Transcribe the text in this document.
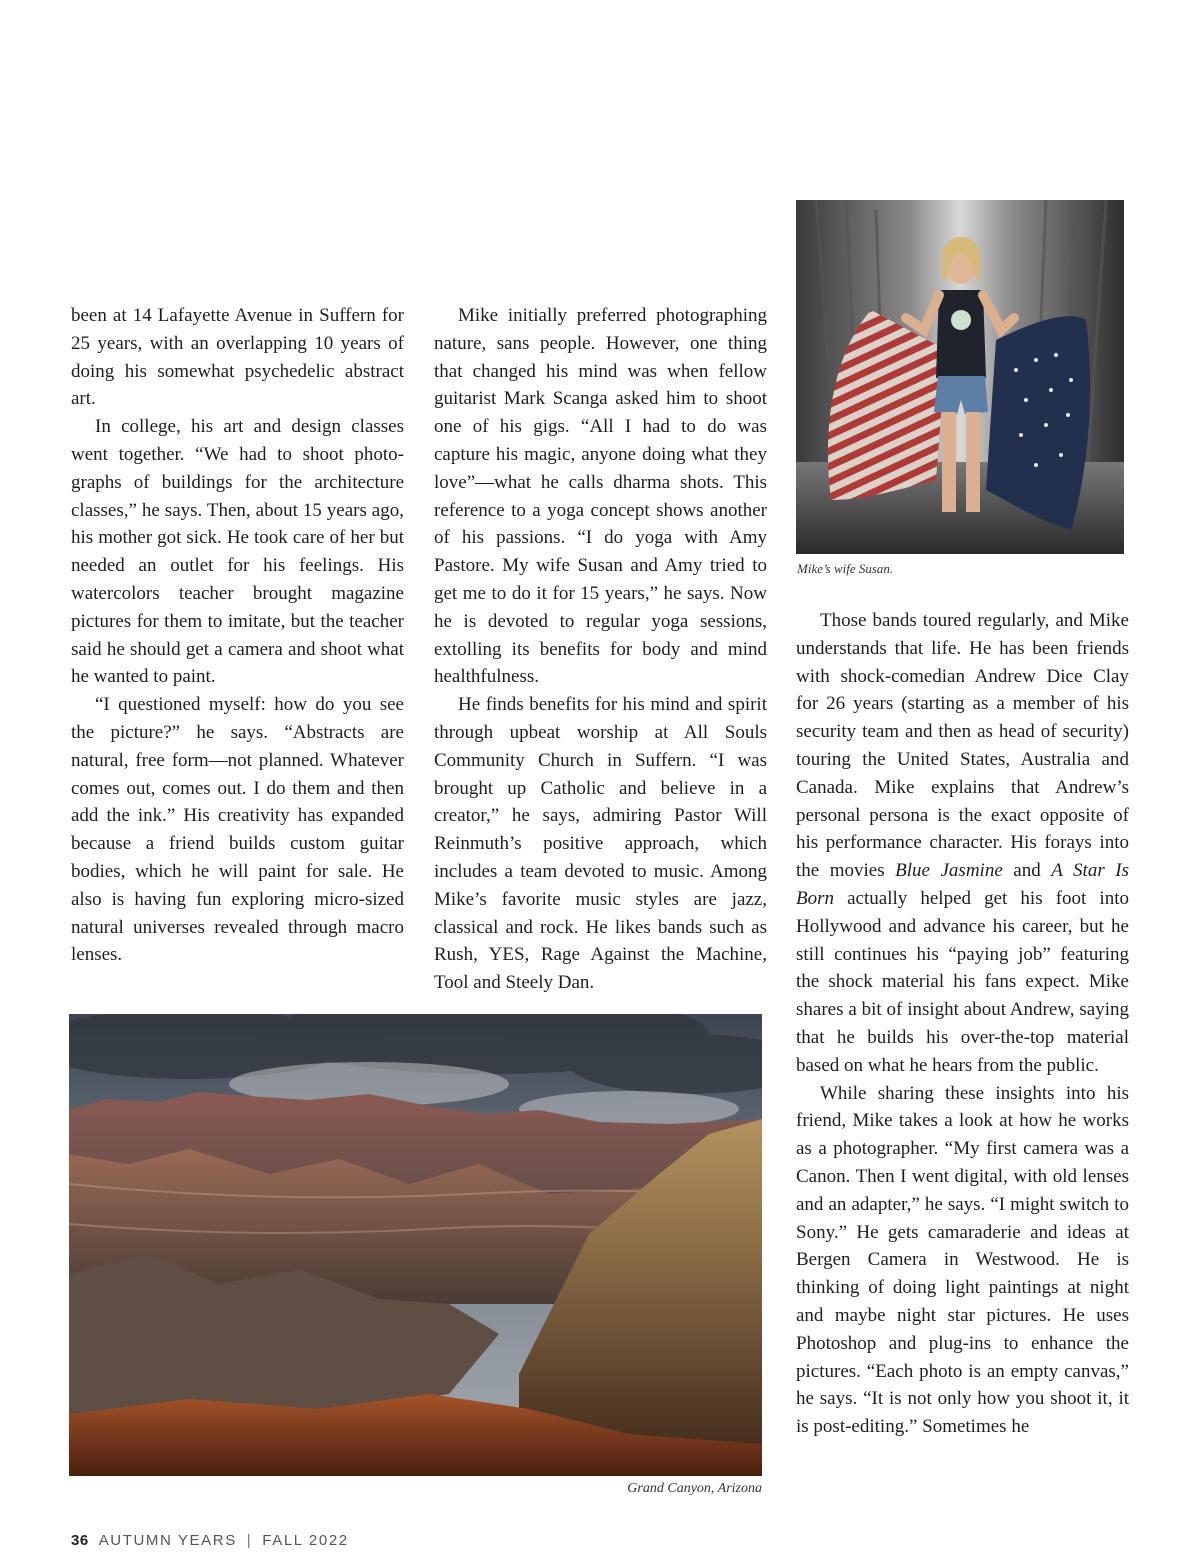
been at 14 Lafayette Avenue in Suffern for 25 years, with an overlapping 10 years of doing his somewhat psychedelic abstract art.

In college, his art and design classes went together. “We had to shoot photographs of buildings for the architecture classes,” he says. Then, about 15 years ago, his mother got sick. He took care of her but needed an outlet for his feelings. His watercolors teacher brought magazine pictures for them to imitate, but the teacher said he should get a camera and shoot what he wanted to paint.

“I questioned myself: how do you see the picture?” he says. “Abstracts are natural, free form—not planned. Whatever comes out, comes out. I do them and then add the ink.” His creativity has expanded because a friend builds custom guitar bodies, which he will paint for sale. He also is having fun exploring micro-sized natural universes revealed through macro lenses.

Mike initially preferred photographing nature, sans people. However, one thing that changed his mind was when fellow guitarist Mark Scanga asked him to shoot one of his gigs. “All I had to do was capture his magic, anyone doing what they love”—what he calls dharma shots. This reference to a yoga concept shows another of his passions. “I do yoga with Amy Pastore. My wife Susan and Amy tried to get me to do it for 15 years,” he says. Now he is devoted to regular yoga sessions, extolling its benefits for body and mind healthfulness.

He finds benefits for his mind and spirit through upbeat worship at All Souls Community Church in Suffern. “I was brought up Catholic and believe in a creator,” he says, admiring Pastor Will Reinmuth’s positive approach, which includes a team devoted to music. Among Mike’s favorite music styles are jazz, classical and rock. He likes bands such as Rush, YES, Rage Against the Machine, Tool and Steely Dan.

Mike’s wife Susan.

Those bands toured regularly, and Mike understands that life. He has been friends with shock-comedian Andrew Dice Clay for 26 years (starting as a member of his security team and then as head of security) touring the United States, Australia and Canada. Mike explains that Andrew’s personal persona is the exact opposite of his performance character. His forays into the movies Blue Jasmine and A Star Is Born actually helped get his foot into Hollywood and advance his career, but he still continues his “paying job” featuring the shock material his fans expect. Mike shares a bit of insight about Andrew, saying that he builds his over-the-top material based on what he hears from the public.

While sharing these insights into his friend, Mike takes a look at how he works as a photographer. “My first camera was a Canon. Then I went digital, with old lenses and an adapter,” he says. “I might switch to Sony.” He gets camaraderie and ideas at Bergen Camera in Westwood. He is thinking of doing light paintings at night and maybe night star pictures. He uses Photoshop and plug-ins to enhance the pictures. “Each photo is an empty canvas,” he says. “It is not only how you shoot it, it is post-editing.” Sometimes he

Grand Canyon, Arizona
36 AUTUMN YEARS | FALL 2022
